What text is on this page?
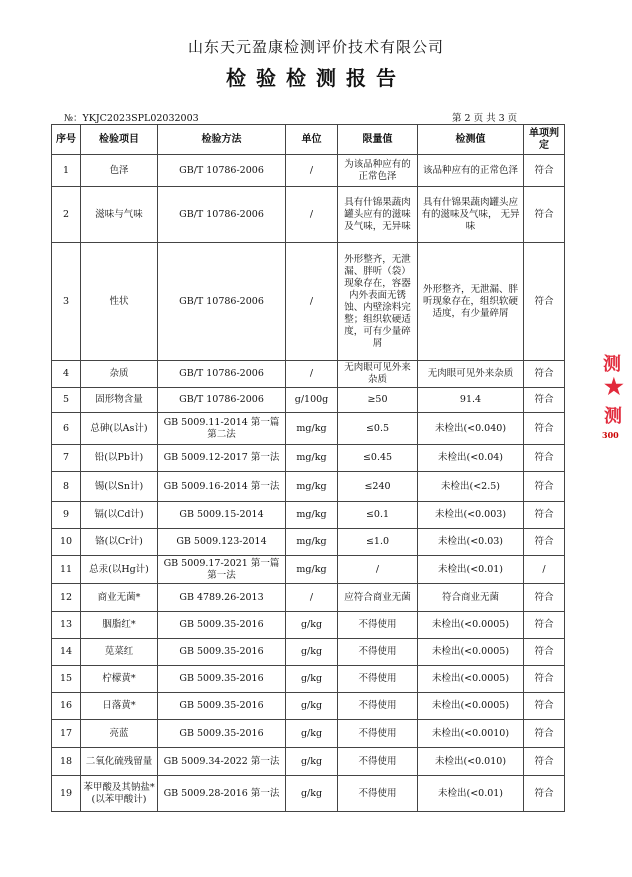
山东天元盈康检测评价技术有限公司
检验检测报告
№：YKJC2023SPL02032003	第 2 页 共 3 页
序号	检验项目	检验方法	单位	限量值	检测值	单项判定
1	色泽	GB/T 10786-2006	/	为该品种应有的正常色泽	该品种应有的正常色泽	符合
2	滋味与气味	GB/T 10786-2006	/	具有什锦果蔬肉罐头应有的滋味及气味，无异味	具有什锦果蔬肉罐头应有的滋味及气味， 无异味	符合
3	性状	GB/T 10786-2006	/	外形整齐，无泄漏、胖听（袋）现象存在，容器内外表面无锈蚀、内壁涂料完整；组织软硬适度，可有少量碎屑	外形整齐，无泄漏、胖听现象存在，组织软硬适度，有少量碎屑	符合
4	杂质	GB/T 10786-2006	/	无肉眼可见外来杂质	无肉眼可见外来杂质	符合
5	固形物含量	GB/T 10786-2006	g/100g	≥50	91.4	符合
6	总砷(以As计)	GB 5009.11-2014 第一篇第二法	mg/kg	≤0.5	未检出(<0.040)	符合
7	铅(以Pb计)	GB 5009.12-2017 第一法	mg/kg	≤0.45	未检出(<0.04)	符合
8	锡(以Sn计)	GB 5009.16-2014 第一法	mg/kg	≤240	未检出(<2.5)	符合
9	镉(以Cd计)	GB 5009.15-2014	mg/kg	≤0.1	未检出(<0.003)	符合
10	铬(以Cr计)	GB 5009.123-2014	mg/kg	≤1.0	未检出(<0.03)	符合
11	总汞(以Hg计)	GB 5009.17-2021 第一篇第一法	mg/kg	/	未检出(<0.01)	/
12	商业无菌*	GB 4789.26-2013	/	应符合商业无菌	符合商业无菌	符合
13	胭脂红*	GB 5009.35-2016	g/kg	不得使用	未检出(<0.0005)	符合
14	苋菜红	GB 5009.35-2016	g/kg	不得使用	未检出(<0.0005)	符合
15	柠檬黄*	GB 5009.35-2016	g/kg	不得使用	未检出(<0.0005)	符合
16	日落黄*	GB 5009.35-2016	g/kg	不得使用	未检出(<0.0005)	符合
17	亮蓝	GB 5009.35-2016	g/kg	不得使用	未检出(<0.0010)	符合
18	二氧化硫残留量	GB 5009.34-2022 第一法	g/kg	不得使用	未检出(<0.010)	符合
19	苯甲酸及其钠盐*(以苯甲酸计)	GB 5009.28-2016 第一法	g/kg	不得使用	未检出(<0.01)	符合
测
★
测
300
